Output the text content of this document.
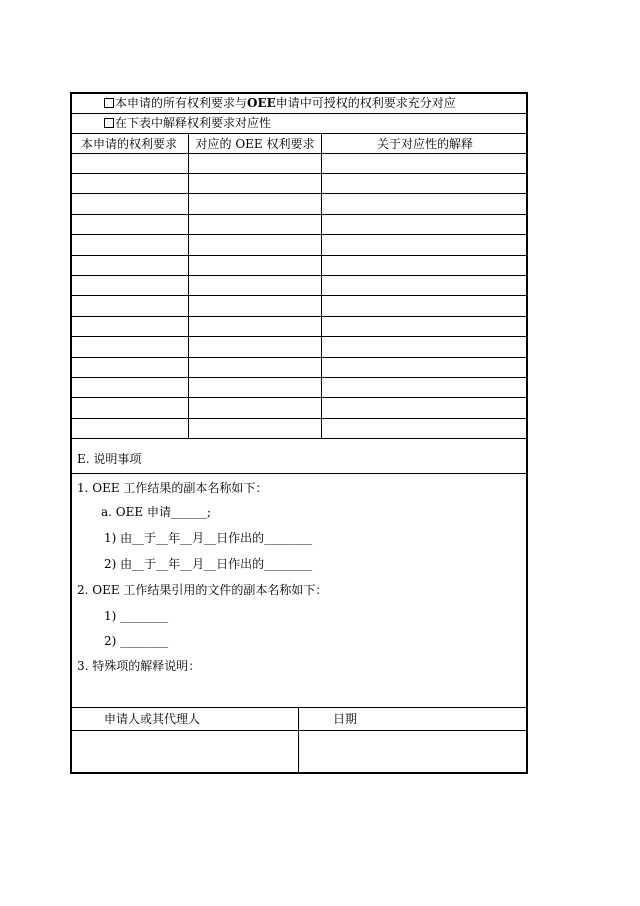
本申请的所有权利要求与OEE申请中可授权的权利要求充分对应
在下表中解释权利要求对应性
本申请的权利要求	对应的 OEE 权利要求	关于对应性的解释
E. 说明事项
1. OEE 工作结果的副本名称如下：
a. OEE 申请______;
1) 由__于__年__月__日作出的________
2) 由__于__年__月__日作出的________
2. OEE 工作结果引用的文件的副本名称如下：
1) ________
2) ________
3. 特殊项的解释说明：
申请人或其代理人	日期
